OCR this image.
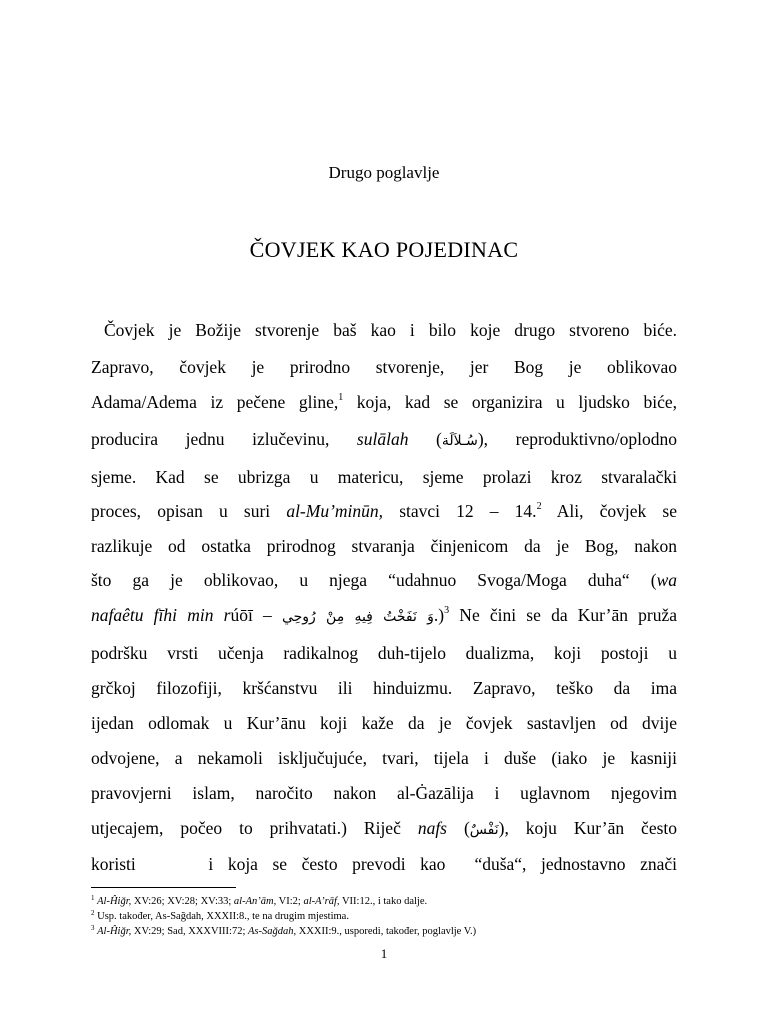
Drugo poglavlje
ČOVJEK KAO POJEDINAC
Čovjek je Božije stvorenje baš kao i bilo koje drugo stvoreno biće.
Zapravo, čovjek je prirodno stvorenje, jer Bog je oblikovao
Adama/Adema iz pečene gline,$^1$ koja, kad se organizira u ljudsko biće,
producira jednu izlučevinu, sulālah (سُـلاَلَة), reproduktivno/oplodno
sjeme. Kad se ubrizga u matericu, sjeme prolazi kroz stvaralački
proces, opisan u suri al-Mu’minūn, stavci 12 – 14.$^2$ Ali, čovjek se
razlikuje od ostatka prirodnog stvaranja činjenicom da je Bog, nakon
što ga je oblikovao, u njega “udahnuo Svoga/Moga duha“ (wa
nafaêtu fīhi min rúōī – وَ نَفَخْتُ فِيهِ مِنْ رُوحِي.)$^3$ Ne čini se da Kur’ān pruža
podršku vrsti učenja radikalnog duh-tijelo dualizma, koji postoji u
grčkoj filozofiji, kršćanstvu ili hinduizmu. Zapravo, teško da ima
ijedan odlomak u Kur’ānu koji kaže da je čovjek sastavljen od dvije
odvojene, a nekamoli isključujuće, tvari, tijela i duše (iako je kasniji
pravovjerni islam, naročito nakon al-Ġazālija i uglavnom njegovim
utjecajem, počeo to prihvatati.) Riječ nafs (نَفْسٌ), koju Kur’ān često
koristi     i koja se često prevodi kao  “duša“, jednostavno znači
$^1$ Al-Ĥiğr, XV:26; XV:28; XV:33; al-An’ām, VI:2; al-A’rāf, VII:12., i tako dalje.
$^2$ Usp. također, As-Sağdah, XXXII:8., te na drugim mjestima.
$^3$ Al-Ĥiğr, XV:29; Sad, XXXVIII:72; As-Sağdah, XXXII:9., usporedi, također, poglavlje V.)
1
